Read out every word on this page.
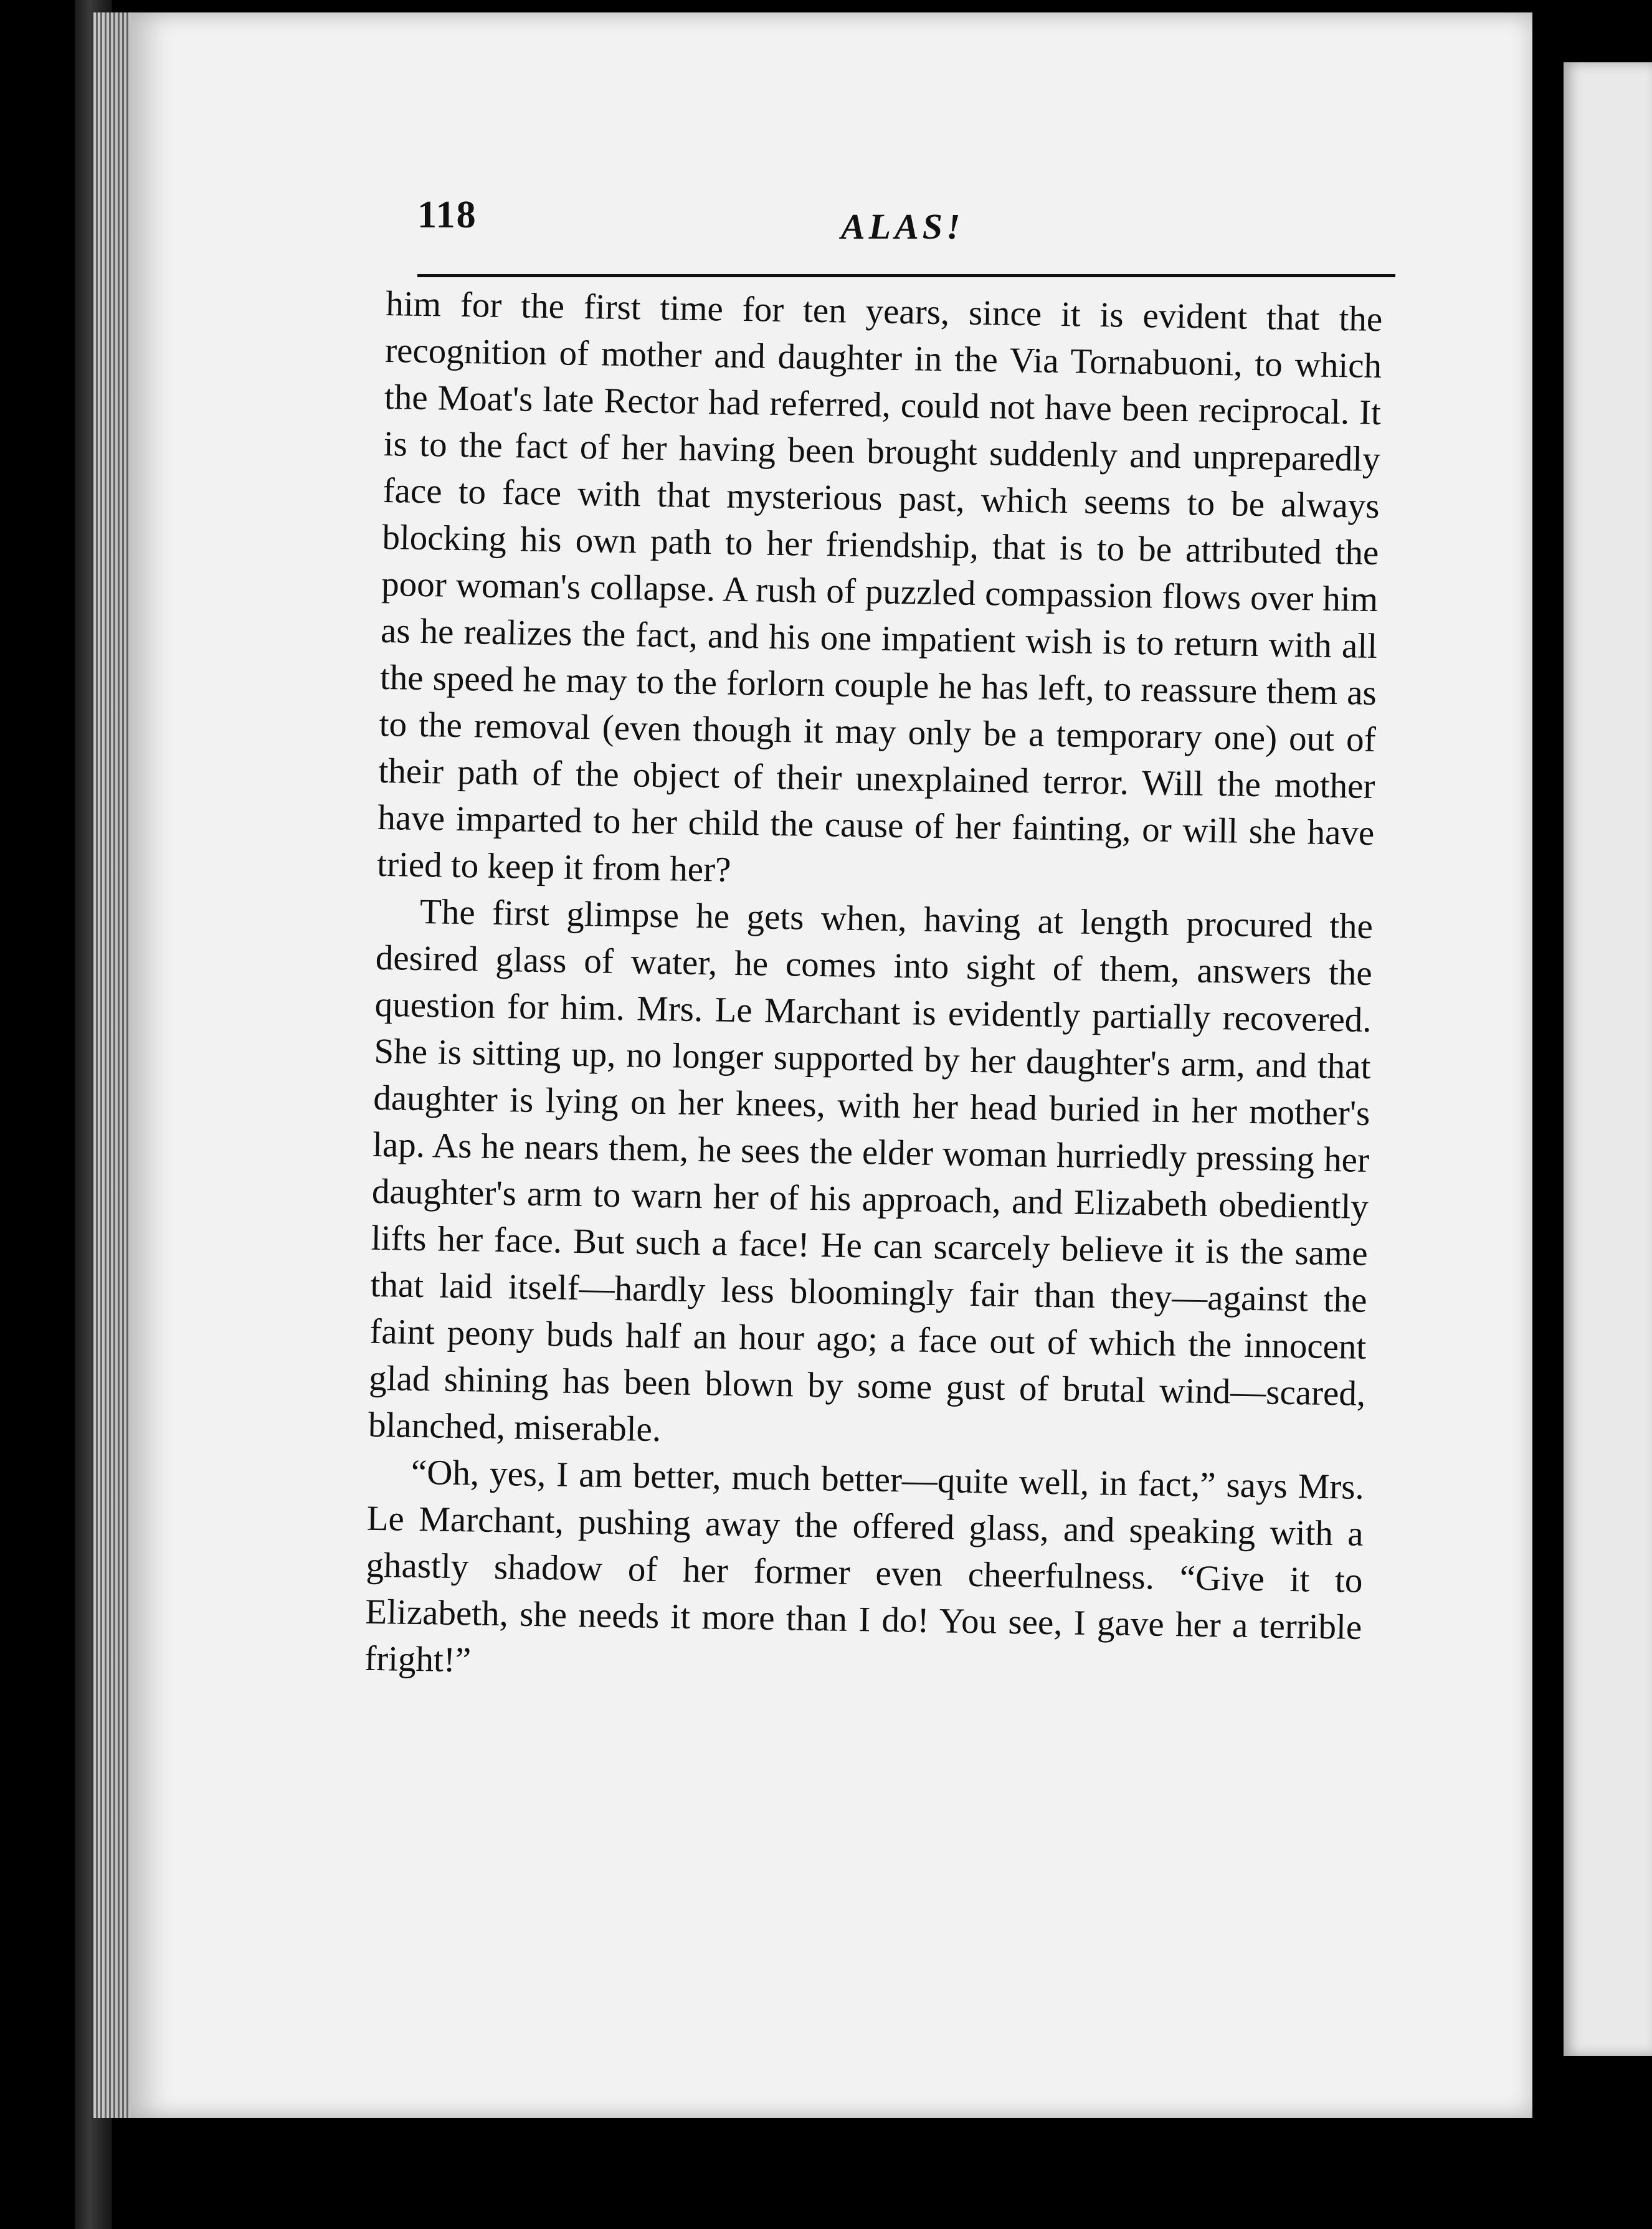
118	ALAS!

him for the first time for ten years, since it is evident that the recognition of mother and daughter in the Via Tornabuoni, to which the Moat's late Rector had referred, could not have been reciprocal. It is to the fact of her having been brought suddenly and unpreparedly face to face with that mysterious past, which seems to be always blocking his own path to her friendship, that is to be attributed the poor woman's collapse. A rush of puzzled compassion flows over him as he realizes the fact, and his one impatient wish is to return with all the speed he may to the forlorn couple he has left, to reassure them as to the removal (even though it may only be a temporary one) out of their path of the object of their unexplained terror. Will the mother have imparted to her child the cause of her fainting, or will she have tried to keep it from her?

The first glimpse he gets when, having at length procured the desired glass of water, he comes into sight of them, answers the question for him. Mrs. Le Marchant is evidently partially recovered. She is sitting up, no longer supported by her daughter's arm, and that daughter is lying on her knees, with her head buried in her mother's lap. As he nears them, he sees the elder woman hurriedly pressing her daughter's arm to warn her of his approach, and Elizabeth obediently lifts her face. But such a face! He can scarcely believe it is the same that laid itself—hardly less bloomingly fair than they—against the faint peony buds half an hour ago; a face out of which the innocent glad shining has been blown by some gust of brutal wind—scared, blanched, miserable.

“Oh, yes, I am better, much better—quite well, in fact,” says Mrs. Le Marchant, pushing away the offered glass, and speaking with a ghastly shadow of her former even cheerfulness. “Give it to Elizabeth, she needs it more than I do! You see, I gave her a terrible fright!”
